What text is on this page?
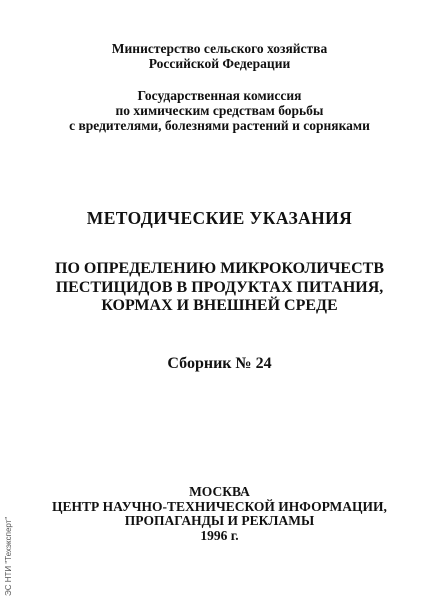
Министерство сельского хозяйства
Российской Федерации
Государственная комиссия
по химическим средствам борьбы
с вредителями, болезнями растений и сорняками
МЕТОДИЧЕСКИЕ УКАЗАНИЯ
ПО ОПРЕДЕЛЕНИЮ МИКРОКОЛИЧЕСТВ
ПЕСТИЦИДОВ В ПРОДУКТАХ ПИТАНИЯ,
КОРМАХ И ВНЕШНЕЙ СРЕДЕ
Сборник № 24
МОСКВА
ЦЕНТР НАУЧНО-ТЕХНИЧЕСКОЙ ИНФОРМАЦИИ,
ПРОПАГАНДЫ И РЕКЛАМЫ
1996 г.
ЭС НТИ "Техэксперт"
